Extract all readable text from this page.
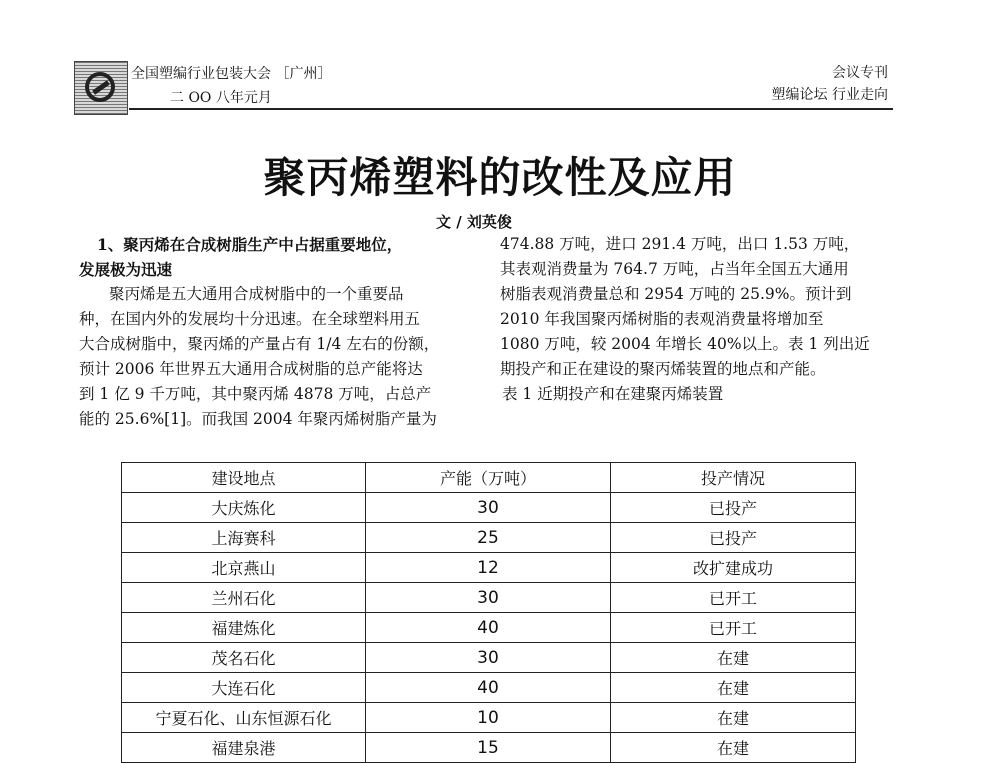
全国塑编行业包装大会 ［广州］
二 OO 八年元月
会议专刊
塑编论坛 行业走向
聚丙烯塑料的改性及应用
文 / 刘英俊
1、聚丙烯在合成树脂生产中占据重要地位，
发展极为迅速
聚丙烯是五大通用合成树脂中的一个重要品
种，在国内外的发展均十分迅速。在全球塑料用五
大合成树脂中，聚丙烯的产量占有 1/4 左右的份额，
预计 2006 年世界五大通用合成树脂的总产能将达
到 1 亿 9 千万吨，其中聚丙烯 4878 万吨，占总产
能的 25.6%[1]。而我国 2004 年聚丙烯树脂产量为
474.88 万吨，进口 291.4 万吨，出口 1.53 万吨，
其表观消费量为 764.7 万吨，占当年全国五大通用
树脂表观消费量总和 2954 万吨的 25.9%。预计到
2010 年我国聚丙烯树脂的表观消费量将增加至
1080 万吨，较 2004 年增长 40%以上。表 1 列出近
期投产和正在建设的聚丙烯装置的地点和产能。
表 1 近期投产和在建聚丙烯装置
建设地点	产能（万吨）	投产情况
大庆炼化	30	已投产
上海赛科	25	已投产
北京燕山	12	改扩建成功
兰州石化	30	已开工
福建炼化	40	已开工
茂名石化	30	在建
大连石化	40	在建
宁夏石化、山东恒源石化	10	在建
福建泉港	15	在建
